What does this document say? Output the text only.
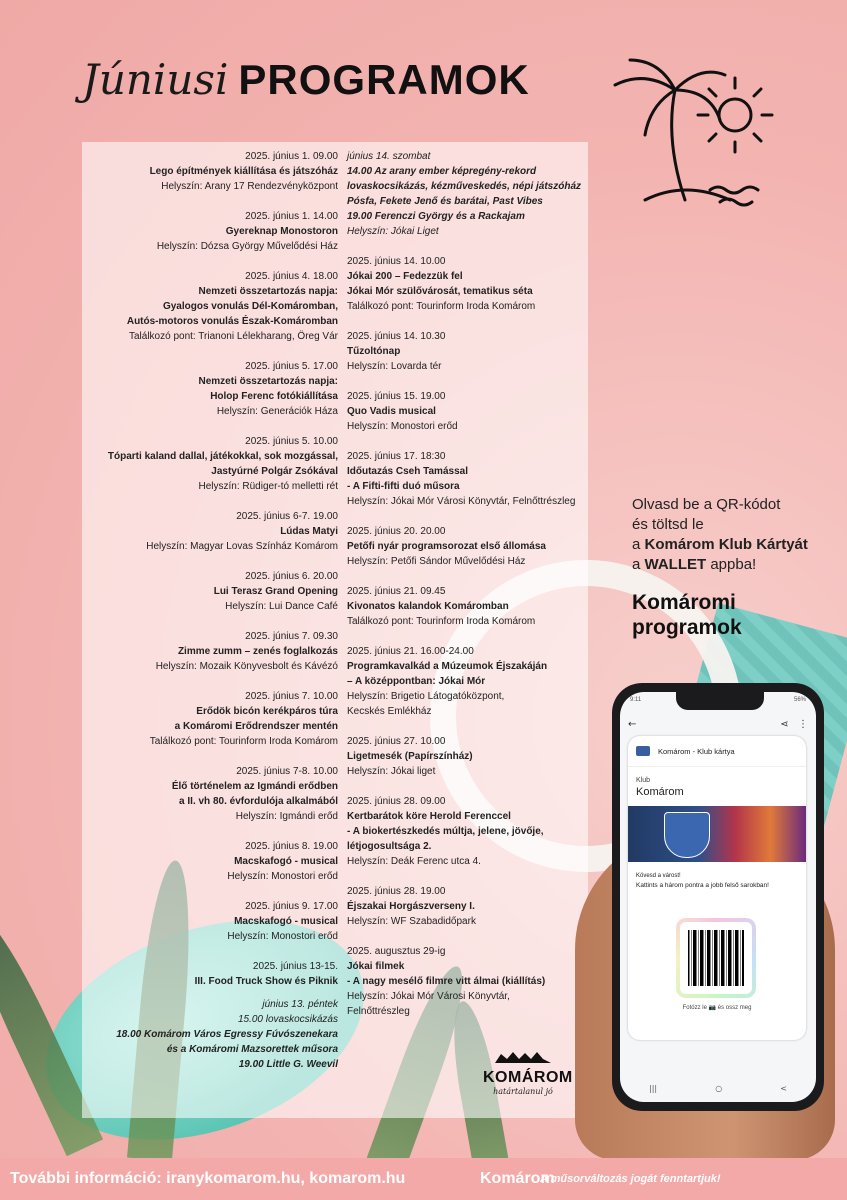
Júniusi PROGRAMOK
2025. június 1. 09.00
Lego építmények kiállítása és játszóház
Helyszín: Arany 17 Rendezvényközpont
2025. június 1. 14.00
Gyereknap Monostoron
Helyszín: Dózsa György Művelődési Ház
2025. június 4. 18.00
Nemzeti összetartozás napja:
Gyalogos vonulás Dél-Komáromban,
Autós-motoros vonulás Észak-Komáromban
Találkozó pont: Trianoni Lélekharang, Öreg Vár
2025. június 5. 17.00
Nemzeti összetartozás napja:
Holop Ferenc fotókiállítása
Helyszín: Generációk Háza
2025. június 5. 10.00
Tóparti kaland dallal, játékokkal, sok mozgással,
Jastyúrné Polgár Zsókával
Helyszín: Rüdiger-tó melletti rét
2025. június 6-7. 19.00
Lúdas Matyi
Helyszín: Magyar Lovas Színház Komárom
2025. június 6. 20.00
Lui Terasz Grand Opening
Helyszín: Lui Dance Café
2025. június 7. 09.30
Zimme zumm – zenés foglalkozás
Helyszín: Mozaik Könyvesbolt és Kávézó
2025. június 7. 10.00
Erődök bicón kerékpáros túra
a Komáromi Erődrendszer mentén
Találkozó pont: Tourinform Iroda Komárom
2025. június 7-8. 10.00
Élő történelem az Igmándi erődben
a II. vh 80. évfordulója alkalmából
Helyszín: Igmándi erőd
2025. június 8. 19.00
Macskafogó - musical
Helyszín: Monostori erőd
2025. június 9. 17.00
Macskafogó - musical
Helyszín: Monostori erőd
2025. június 13-15.
III. Food Truck Show és Piknik
június 13. péntek
15.00 lovaskocsikázás
18.00 Komárom Város Egressy Fúvószenekara
és a Komáromi Mazsorettek műsora
19.00 Little G. Weevil
június 14. szombat
14.00 Az arany ember képregény-rekord
lovaskocsikázás, kézműveskedés, népi játszóház
Pósfa, Fekete Jenő és barátai, Past Vibes
19.00 Ferenczi György és a Rackajam
Helyszín: Jókai Liget
2025. június 14. 10.00
Jókai 200 – Fedezzük fel
Jókai Mór szülővárosát, tematikus séta
Találkozó pont: Tourinform Iroda Komárom
2025. június 14. 10.30
Tűzoltónap
Helyszín: Lovarda tér
2025. június 15. 19.00
Quo Vadis musical
Helyszín: Monostori erőd
2025. június 17. 18:30
Időutazás Cseh Tamással
- A Fifti-fifti duó műsora
Helyszín: Jókai Mór Városi Könyvtár, Felnőttrészleg
2025. június 20. 20.00
Petőfi nyár programsorozat első állomása
Helyszín: Petőfi Sándor Művelődési Ház
2025. június 21. 09.45
Kivonatos kalandok Komáromban
Találkozó pont: Tourinform Iroda Komárom
2025. június 21. 16.00-24.00
Programkavalkád a Múzeumok Éjszakáján
– A középpontban: Jókai Mór
Helyszín: Brigetio Látogatóközpont,
Kecskés Emlékház
2025. június 27. 10.00
Ligetmesék (Papírszínház)
Helyszín: Jókai liget
2025. június 28. 09.00
Kertbarátok köre Herold Ferenccel
- A biokertészkedés múltja, jelene, jövője,
létjogosultsága 2.
Helyszín: Deák Ferenc utca 4.
2025. június 28. 19.00
Éjszakai Horgászverseny I.
Helyszín: WF Szabadidőpark
2025. augusztus 29-ig
Jókai filmek
- A nagy mesélő filmre vitt álmai (kiállítás)
Helyszín: Jókai Mór Városi Könyvtár,
Felnőttrészleg
Olvasd be a QR-kódot
és töltsd le
a Komárom Klub Kártyát
a WALLET appba!
Komáromi
programok
9:11	56%
←	⋖ ⋮
Komárom - Klub kártya
Klub
Komárom
Kövesd a várost!
Kattints a három pontra a jobb felső sarokban!
Fotózz le 📷 és ossz meg
|||	○	<
KOMÁROM
határtalanul jó
További információ: iranykomarom.hu, komarom.hu	Komárom
A műsorváltozás jogát fenntartjuk!
